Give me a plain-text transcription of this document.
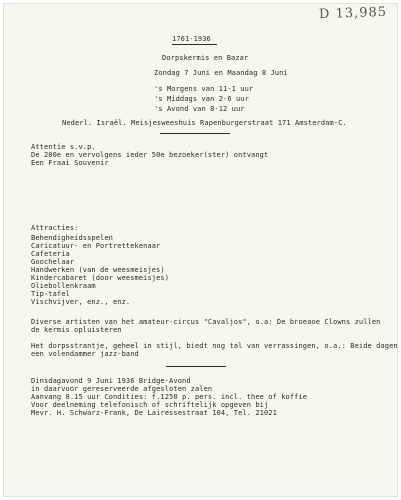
D 13,985
1761-1936
Dorpskermis en Bazar
Zondag 7 Juni en Maandag 8 Juni
's Morgens van 11-1 uur
's Middags van 2-6 uur
's Avond van 8-12 uur
Nederl. Israël. Meisjesweeshuis Rapenburgerstraat 171 Amsterdam-C.
Attentie s.v.p.
De 200e en vervolgens ieder 50e bezoeker(ster) ontvangt
Een Fraai Souvenir
Attracties:
Behendigheidsspelen
Caricatuur- en Portrettekenaar
Cafeteria
Goochelaar
Handwerken (van de weesmeisjes)
Kindercabaret (door weesmeisjes)
Oliebollenkraam
Tip-tafel
Vischvijver, enz., enz.
Diverse artisten van het amateur-circus "Cavaljos", o.a: De broeaoe Clowns zullen
de kermis opluisteren
Het dorpsstrantje, geheel in stijl, biedt nog tal van verrassingen, o.a.: Beide dagen
een volendammer jazz-band
Dinsdagavond 9 Juni 1936 Bridge-Avond
in daarvoor gereserveerde afgesloten zalen
Aanvang 8.15 uur Condities: f.1250 p. pers. incl. thee of koffie
Voor deelneming telefonisch of schriftelijk opgeven bij
Mevr. H. Schwarz-Frank, De Lairessestraat 104, Tel. 21021
